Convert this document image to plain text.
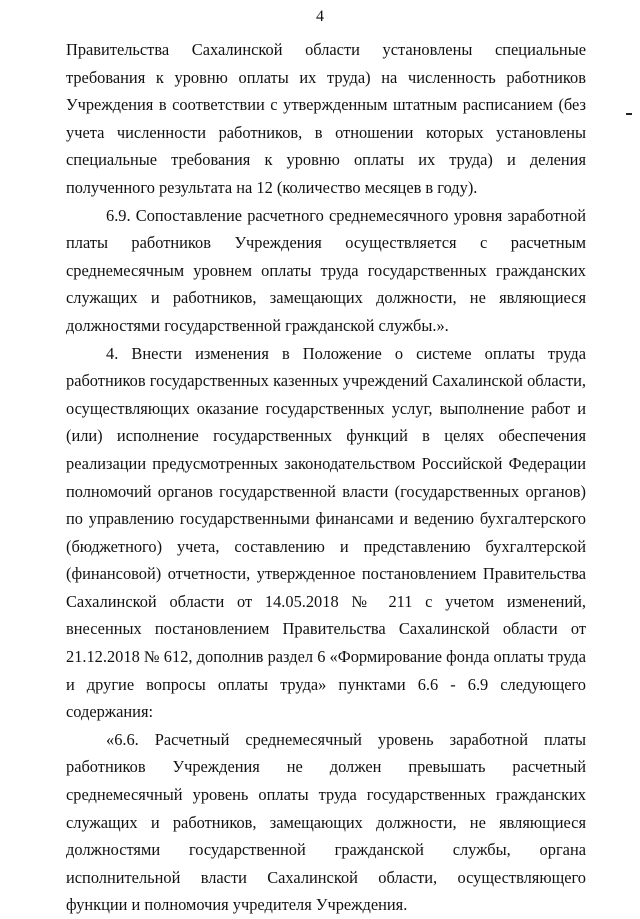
4

Правительства Сахалинской области установлены специальные требования к уровню оплаты их труда) на численность работников Учреждения в соответствии с утвержденным штатным расписанием (без учета численности работников, в отношении которых установлены специальные требования к уровню оплаты их труда) и деления полученного результата на 12 (количество месяцев в году).

6.9. Сопоставление расчетного среднемесячного уровня заработной платы работников Учреждения осуществляется с расчетным среднемесячным уровнем оплаты труда государственных гражданских служащих и работников, замещающих должности, не являющиеся должностями государственной гражданской службы.».

4. Внести изменения в Положение о системе оплаты труда работников государственных казенных учреждений Сахалинской области, осуществляющих оказание государственных услуг, выполнение работ и (или) исполнение государственных функций в целях обеспечения реализации предусмотренных законодательством Российской Федерации полномочий органов государственной власти (государственных органов) по управлению государственными финансами и ведению бухгалтерского (бюджетного) учета, составлению и представлению бухгалтерской (финансовой) отчетности, утвержденное постановлением Правительства Сахалинской области от 14.05.2018 № 211 с учетом изменений, внесенных постановлением Правительства Сахалинской области от 21.12.2018 № 612, дополнив раздел 6 «Формирование фонда оплаты труда и другие вопросы оплаты труда» пунктами 6.6 - 6.9 следующего содержания:

«6.6. Расчетный среднемесячный уровень заработной платы работников Учреждения не должен превышать расчетный среднемесячный уровень оплаты труда государственных гражданских служащих и работников, замещающих должности, не являющиеся должностями государственной гражданской службы, органа исполнительной власти Сахалинской области, осуществляющего функции и полномочия учредителя Учреждения.
